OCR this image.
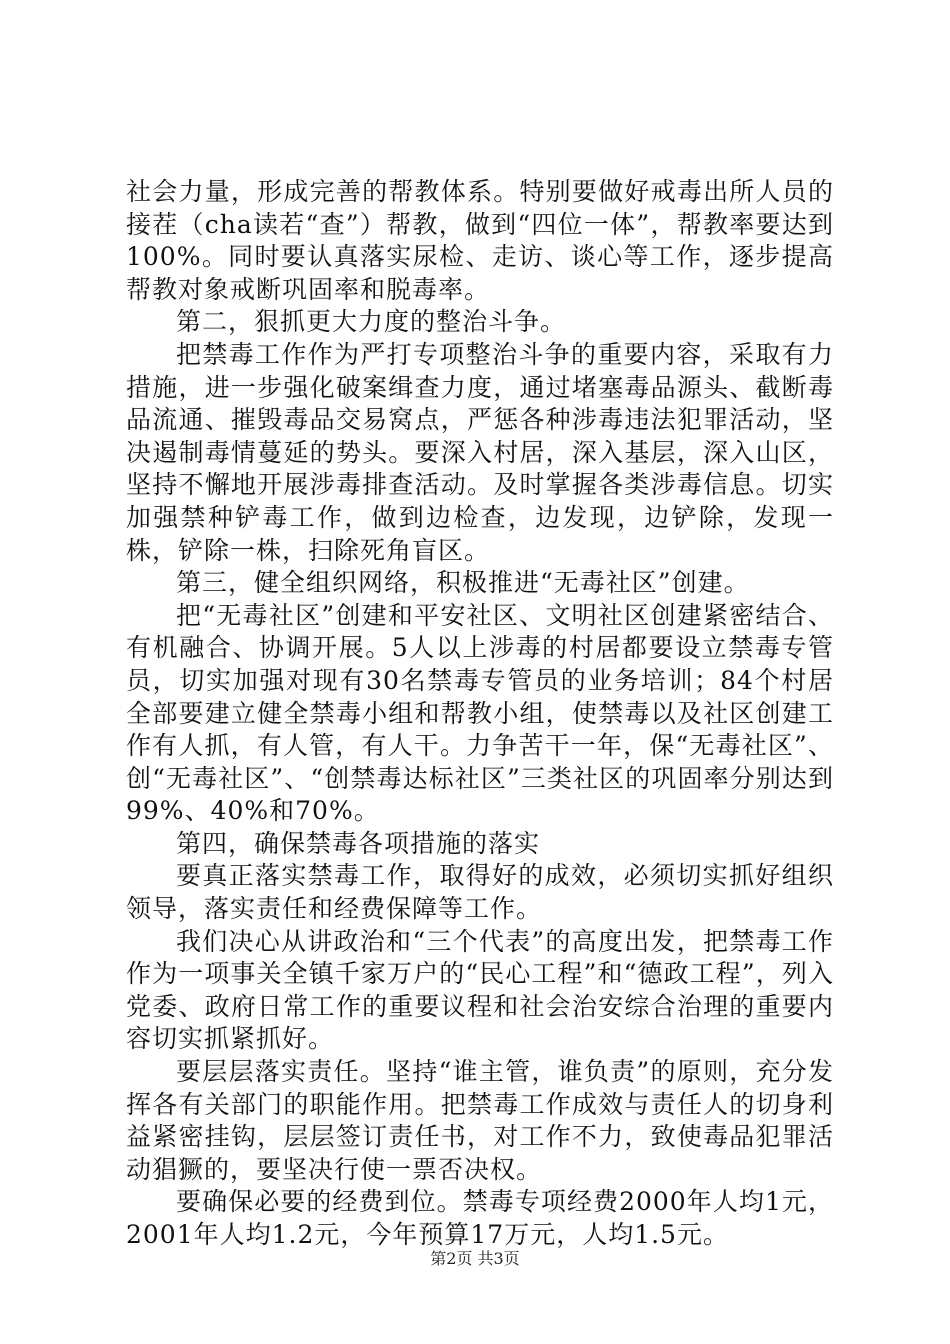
社会力量，形成完善的帮教体系。特别要做好戒毒出所人员的接茬（cha读若“查”）帮教，做到“四位一体”，帮教率要达到100%。同时要认真落实尿检、走访、谈心等工作，逐步提高帮教对象戒断巩固率和脱毒率。

第二，狠抓更大力度的整治斗争。

把禁毒工作作为严打专项整治斗争的重要内容，采取有力措施，进一步强化破案缉查力度，通过堵塞毒品源头、截断毒品流通、摧毁毒品交易窝点，严惩各种涉毒违法犯罪活动，坚决遏制毒情蔓延的势头。要深入村居，深入基层，深入山区，坚持不懈地开展涉毒排查活动。及时掌握各类涉毒信息。切实加强禁种铲毒工作，做到边检查，边发现，边铲除，发现一株，铲除一株，扫除死角盲区。

第三，健全组织网络，积极推进“无毒社区”创建。

把“无毒社区”创建和平安社区、文明社区创建紧密结合、有机融合、协调开展。5人以上涉毒的村居都要设立禁毒专管员，切实加强对现有30名禁毒专管员的业务培训；84个村居全部要建立健全禁毒小组和帮教小组，使禁毒以及社区创建工作有人抓，有人管，有人干。力争苦干一年，保“无毒社区”、创“无毒社区”、“创禁毒达标社区”三类社区的巩固率分别达到99%、40%和70%。

第四，确保禁毒各项措施的落实

要真正落实禁毒工作，取得好的成效，必须切实抓好组织领导，落实责任和经费保障等工作。

我们决心从讲政治和“三个代表”的高度出发，把禁毒工作作为一项事关全镇千家万户的“民心工程”和“德政工程”，列入党委、政府日常工作的重要议程和社会治安综合治理的重要内容切实抓紧抓好。

要层层落实责任。坚持“谁主管，谁负责”的原则，充分发挥各有关部门的职能作用。把禁毒工作成效与责任人的切身利益紧密挂钩，层层签订责任书，对工作不力，致使毒品犯罪活动猖獗的，要坚决行使一票否决权。

要确保必要的经费到位。禁毒专项经费2000年人均1元，2001年人均1.2元，今年预算17万元，人均1.5元。

第2页 共3页
